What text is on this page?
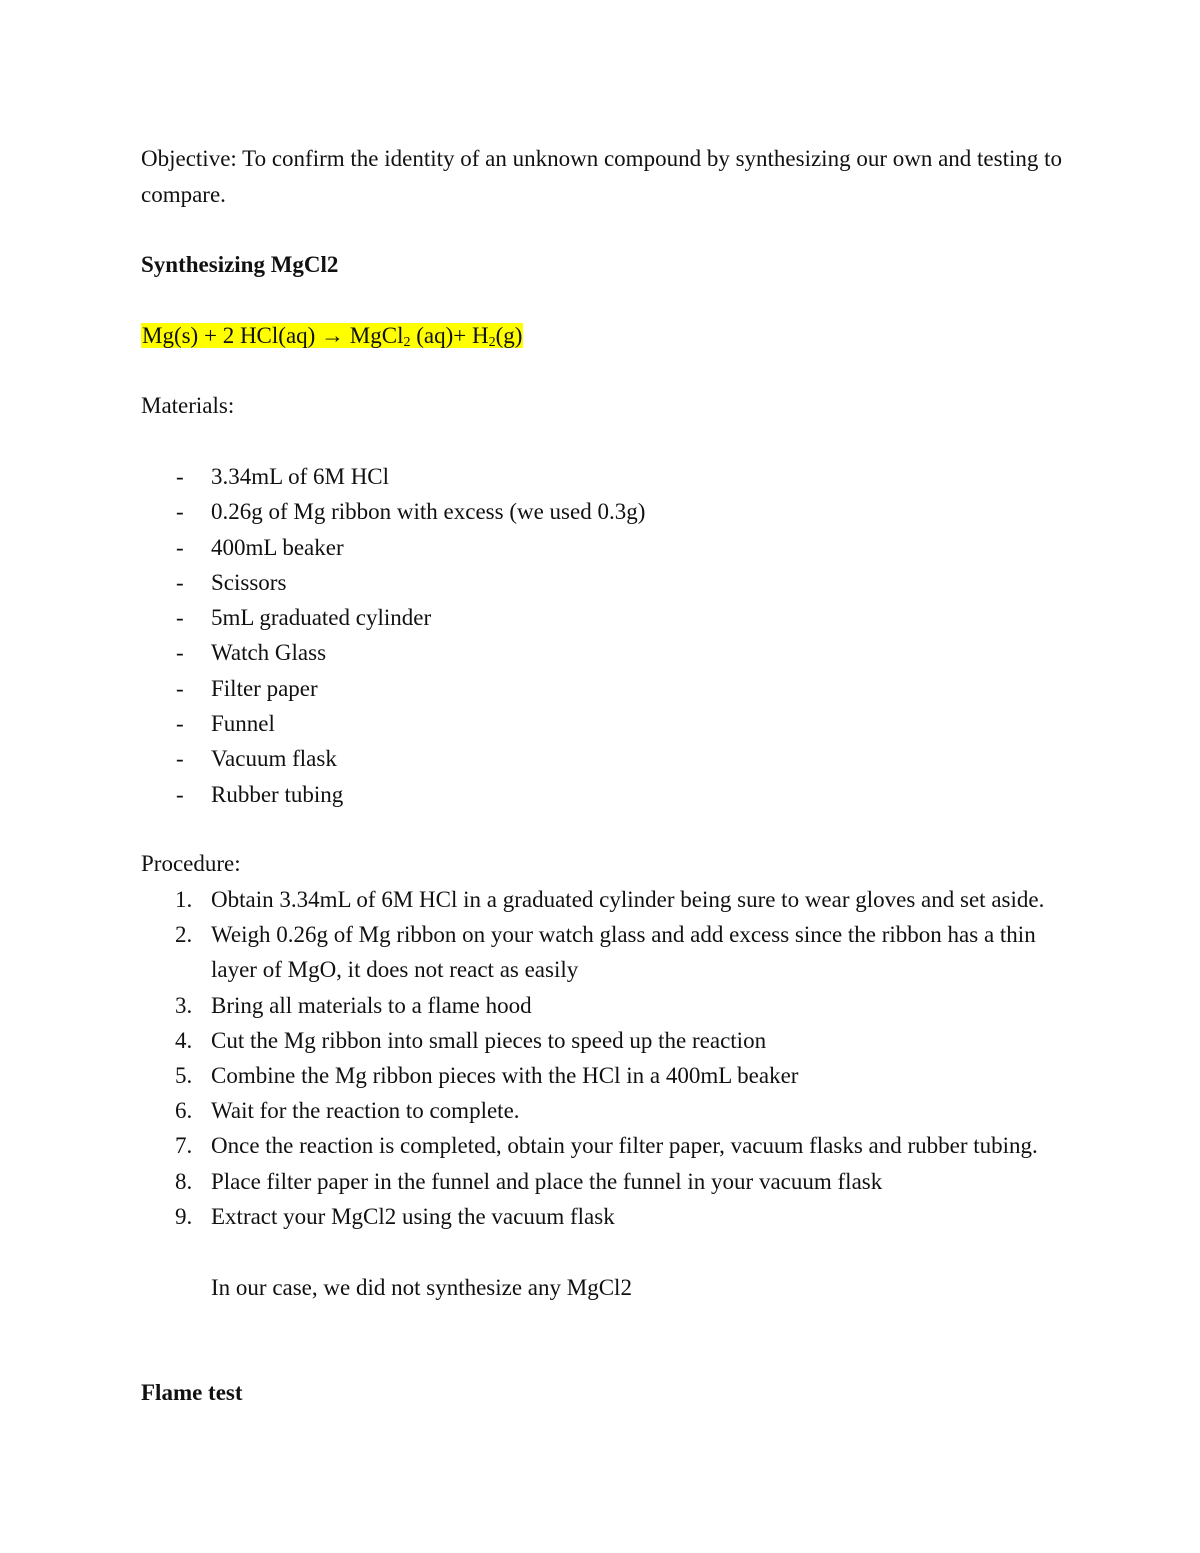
Objective: To confirm the identity of an unknown compound by synthesizing our own and testing to compare.
Synthesizing MgCl2
Mg(s) + 2 HCl(aq) → MgCl$_2$ $(aq)+ H_2(g)$
Materials:
- 3.34mL of 6M HCl
- 0.26g of Mg ribbon with excess (we used 0.3g)
- 400mL beaker
- Scissors
- 5mL graduated cylinder
- Watch Glass
- Filter paper
- Funnel
- Vacuum flask
- Rubber tubing
Procedure:
1. Obtain 3.34mL of 6M HCl in a graduated cylinder being sure to wear gloves and set aside.
2. Weigh 0.26g of Mg ribbon on your watch glass and add excess since the ribbon has a thin layer of MgO, it does not react as easily
3. Bring all materials to a flame hood
4. Cut the Mg ribbon into small pieces to speed up the reaction
5. Combine the Mg ribbon pieces with the HCl in a 400mL beaker
6. Wait for the reaction to complete.
7. Once the reaction is completed, obtain your filter paper, vacuum flasks and rubber tubing.
8. Place filter paper in the funnel and place the funnel in your vacuum flask
9. Extract your MgCl2 using the vacuum flask
In our case, we did not synthesize any MgCl2
Flame test
